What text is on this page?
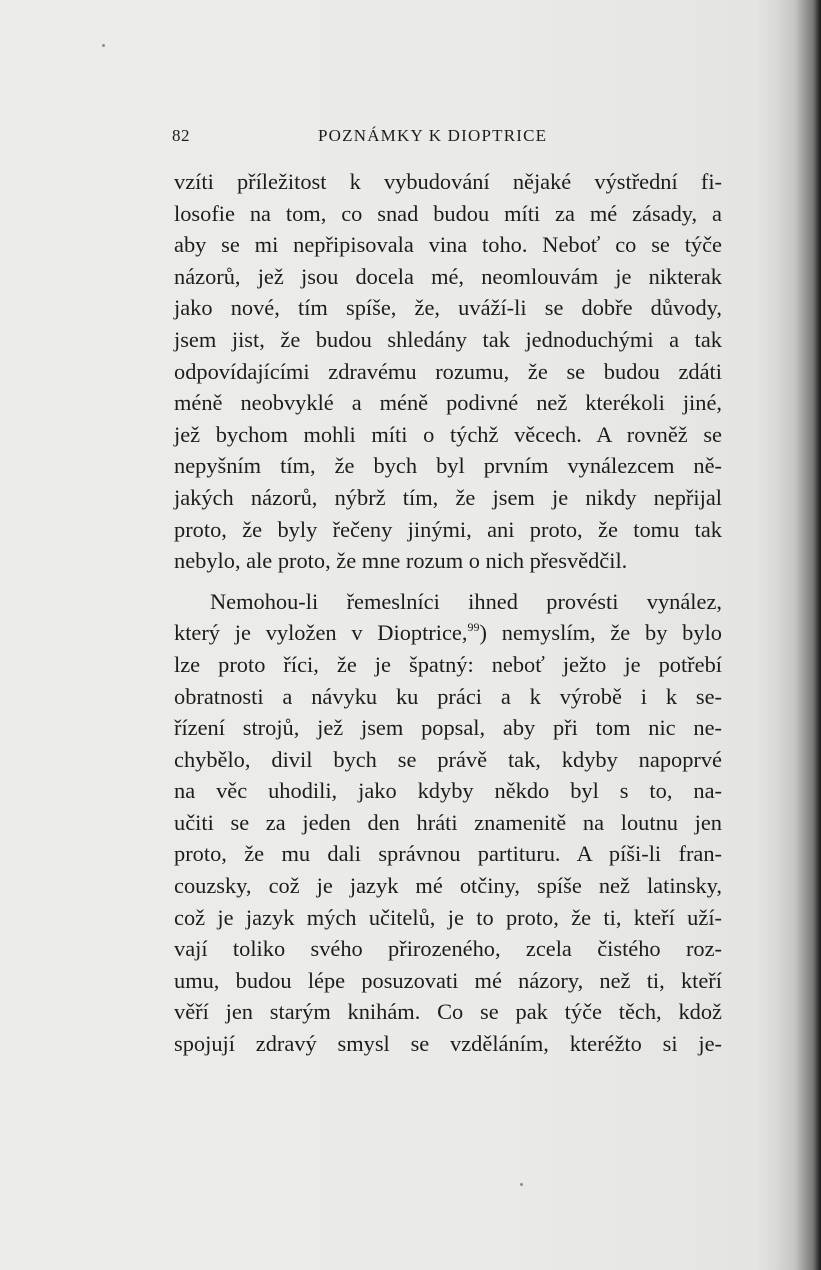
82	POZNÁMKY K DIOPTRICE
vzíti příležitost k vybudování nějaké výstřední fi-
losofie na tom, co snad budou míti za mé zásady, a
aby se mi nepřipisovala vina toho. Neboť co se týče
názorů, jež jsou docela mé, neomlouvám je nikterak
jako nové, tím spíše, že, uváží-li se dobře důvody,
jsem jist, že budou shledány tak jednoduchými a tak
odpovídajícími zdravému rozumu, že se budou zdáti
méně neobvyklé a méně podivné než kterékoli jiné,
jež bychom mohli míti o týchž věcech. A rovněž se
nepyšním tím, že bych byl prvním vynálezcem ně-
jakých názorů, nýbrž tím, že jsem je nikdy nepřijal
proto, že byly řečeny jinými, ani proto, že tomu tak
nebylo, ale proto, že mne rozum o nich přesvědčil.
Nemohou-li řemeslníci ihned provésti vynález,
který je vyložen v Dioptrice,$^{99}$) nemyslím, že by bylo
lze proto říci, že je špatný: neboť ježto je potřebí
obratnosti a návyku ku práci a k výrobě i k se-
řízení strojů, jež jsem popsal, aby při tom nic ne-
chybělo, divil bych se právě tak, kdyby napoprvé
na věc uhodili, jako kdyby někdo byl s to, na-
učiti se za jeden den hráti znamenitě na loutnu jen
proto, že mu dali správnou partituru. A píši-li fran-
couzsky, což je jazyk mé otčiny, spíše než latinsky,
což je jazyk mých učitelů, je to proto, že ti, kteří uží-
vají toliko svého přirozeného, zcela čistého roz-
umu, budou lépe posuzovati mé názory, než ti, kteří
věří jen starým knihám. Co se pak týče těch, kdož
spojují zdravý smysl se vzděláním, kteréžto si je-
